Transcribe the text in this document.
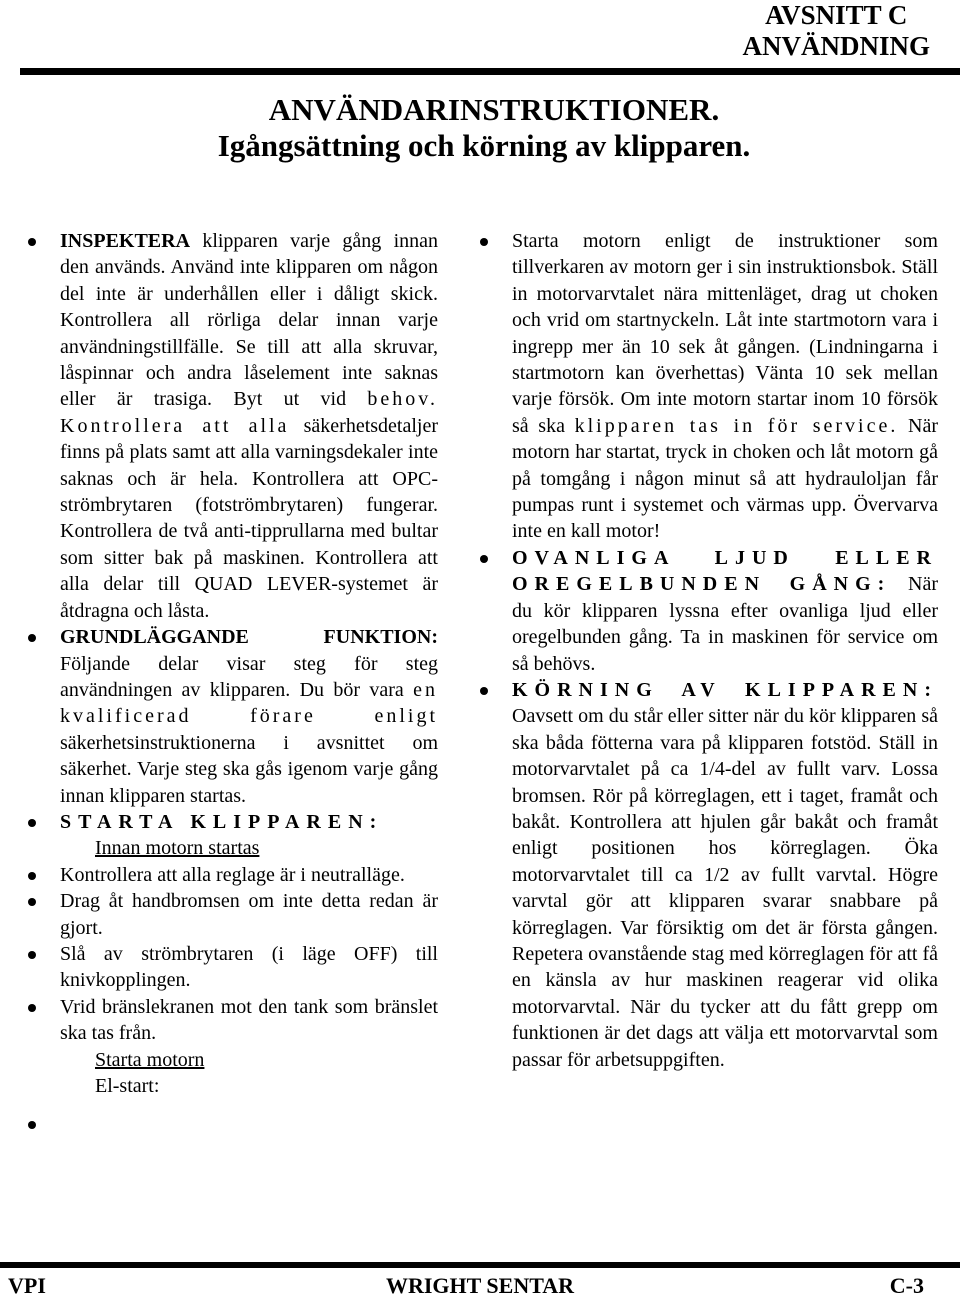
AVSNITT C
ANVÄNDNING
ANVÄNDARINSTRUKTIONER.
Igångsättning och körning av klipparen.
INSPEKTERA klipparen varje gång innan den används. Använd inte klipparen om någon del inte är underhållen eller i dåligt skick. Kontrollera all rörliga delar innan varje användningstillfälle. Se till att alla skruvar, låspinnar och andra låselement inte saknas eller är trasiga. Byt ut vid behov. Kontrollera att alla säkerhetsdetaljer finns på plats samt att alla varningsdekaler inte saknas och är hela. Kontrollera att OPC-strömbrytaren (fotströmbrytaren) fungerar. Kontrollera de två anti-tipprullarna med bultar som sitter bak på maskinen. Kontrollera att alla delar till QUAD LEVER-systemet är åtdragna och låsta.
GRUNDLÄGGANDE FUNKTION: Följande delar visar steg för steg användningen av klipparen. Du bör vara en kvalificerad förare enligt säkerhetsinstruktionerna i avsnittet om säkerhet. Varje steg ska gås igenom varje gång innan klipparen startas.
STARTA KLIPPAREN:
Innan motorn startas
Kontrollera att alla reglage är i neutralläge.
Drag åt handbromsen om inte detta redan är gjort.
Slå av strömbrytaren (i läge OFF) till knivkopplingen.
Vrid bränslekranen mot den tank som bränslet ska tas från.
Starta motorn
El-start:
Starta motorn enligt de instruktioner som tillverkaren av motorn ger i sin instruktionsbok. Ställ in motorvarvtalet nära mittenläget, drag ut choken och vrid om startnyckeln. Låt inte startmotorn vara i ingrepp mer än 10 sek åt gången. (Lindningarna i startmotorn kan överhettas) Vänta 10 sek mellan varje försök. Om inte motorn startar inom 10 försök så ska klipparen tas in för service. När motorn har startat, tryck in choken och låt motorn gå på tomgång i någon minut så att hydrauloljan får pumpas runt i systemet och värmas upp. Övervarva inte en kall motor!
OVANLIGA LJUD ELLER OREGELBUNDEN GÅNG: När du kör klipparen lyssna efter ovanliga ljud eller oregelbunden gång. Ta in maskinen för service om så behövs.
KÖRNING AV KLIPPAREN: Oavsett om du står eller sitter när du kör klipparen så ska båda fötterna vara på klipparen fotstöd. Ställ in motorvarvtalet på ca 1/4-del av fullt varv. Lossa bromsen. Rör på körreglagen, ett i taget, framåt och bakåt. Kontrollera att hjulen går bakåt och framåt enligt positionen hos körreglagen. Öka motorvarvtalet till ca 1/2 av fullt varvtal. Högre varvtal gör att klipparen svarar snabbare på körreglagen. Var försiktig om det är första gången. Repetera ovanstående stag med körreglagen för att få en känsla av hur maskinen reagerar vid olika motorvarvtal. När du tycker att du fått grepp om funktionen är det dags att välja ett motorvarvtal som passar för arbetsuppgiften.
VPI	WRIGHT SENTAR	C-3
